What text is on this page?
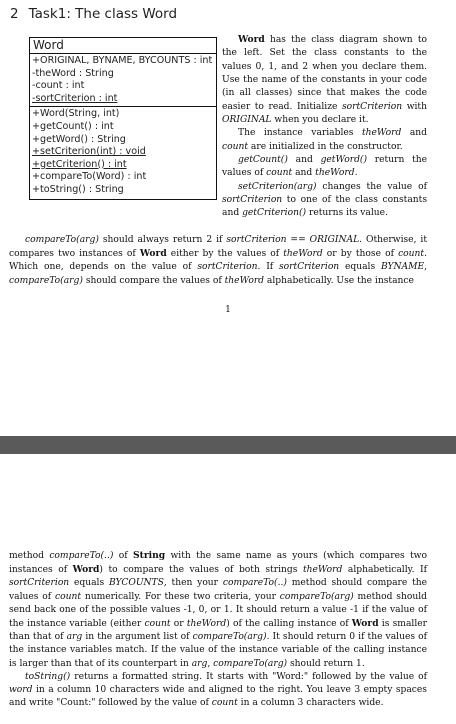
2 Task1: The class Word
Word
+ORIGINAL, BYNAME, BYCOUNTS : int
-theWord : String
-count : int
-sortCriterion : int
+Word(String, int)
+getCount() : int
+getWord() : String
+setCriterion(int) : void
+getCriterion() : int
+compareTo(Word) : int
+toString() : String

Word has the class diagram shown to the left. Set the class constants to the values 0, 1, and 2 when you declare them. Use the name of the constants in your code (in all classes) since that makes the code easier to read. Initialize sortCriterion with ORIGINAL when you declare it.

The instance variables theWord and count are initialized in the constructor.

getCount() and getWord() return the values of count and theWord.

setCriterion(arg) changes the value of sortCriterion to one of the class constants and getCriterion() returns its value.

compareTo(arg) should always return 2 if sortCriterion == ORIGINAL. Otherwise, it compares two instances of Word either by the values of theWord or by those of count. Which one, depends on the value of sortCriterion. If sortCriterion equals BYNAME, compareTo(arg) should compare the values of theWord alphabetically. Use the instance

1

method compareTo(..) of String with the same name as yours (which compares two instances of Word) to compare the values of both strings theWord alphabetically. If sortCriterion equals BYCOUNTS, then your compareTo(..) method should compare the values of count numerically. For these two criteria, your compareTo(arg) method should send back one of the possible values -1, 0, or 1. It should return a value -1 if the value of the instance variable (either count or theWord) of the calling instance of Word is smaller than that of arg in the argument list of compareTo(arg). It should return 0 if the values of the instance variables match. If the value of the instance variable of the calling instance is larger than that of its counterpart in arg, compareTo(arg) should return 1.

toString() returns a formatted string. It starts with "Word:" followed by the value of word in a column 10 characters wide and aligned to the right. You leave 3 empty spaces and write "Count:" followed by the value of count in a column 3 characters wide.
